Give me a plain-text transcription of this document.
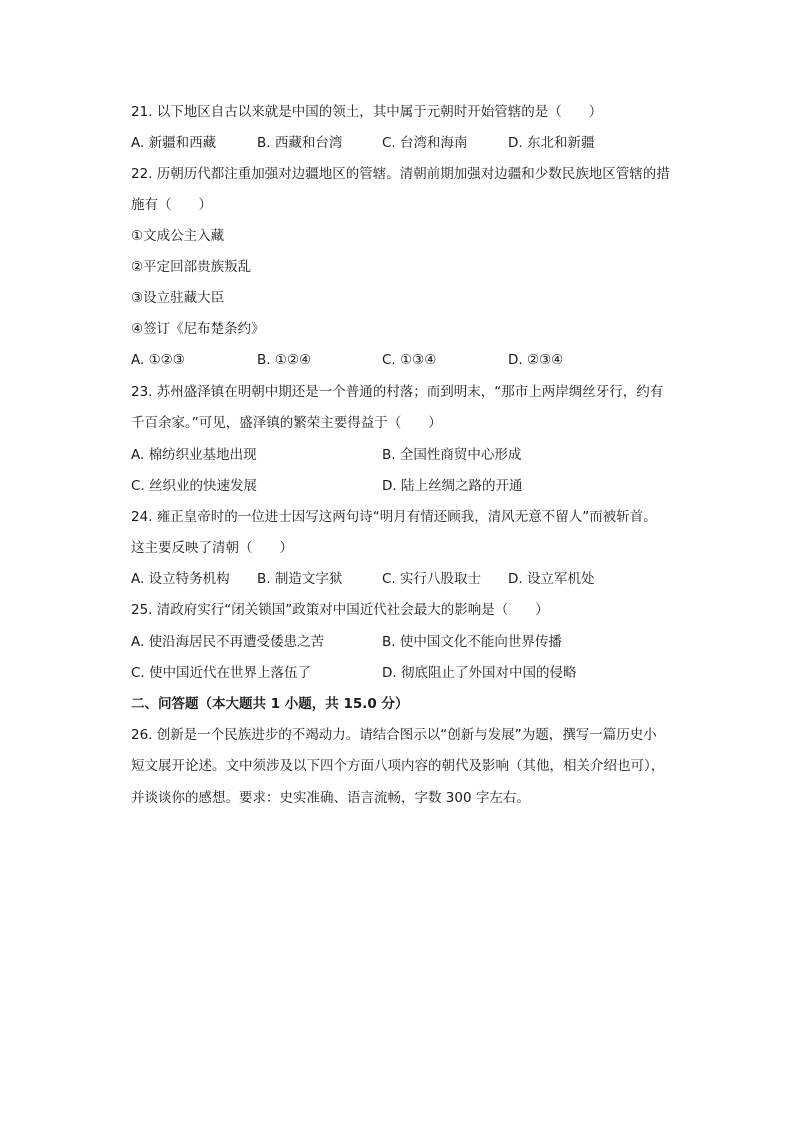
21. 以下地区自古以来就是中国的领土，其中属于元朝时开始管辖的是（　　）
A. 新疆和西藏	B. 西藏和台湾	C. 台湾和海南	D. 东北和新疆
22. 历朝历代都注重加强对边疆地区的管辖。清朝前期加强对边疆和少数民族地区管辖的措
施有（　　）
①文成公主入藏
②平定回部贵族叛乱
③设立驻藏大臣
④签订《尼布楚条约》
A. ①②③	B. ①②④	C. ①③④	D. ②③④
23. 苏州盛泽镇在明朝中期还是一个普通的村落；而到明末，“那市上两岸绸丝牙行，约有
千百余家。”可见，盛泽镇的繁荣主要得益于（　　）
A. 棉纺织业基地出现	B. 全国性商贸中心形成
C. 丝织业的快速发展	D. 陆上丝绸之路的开通
24. 雍正皇帝时的一位进士因写这两句诗“明月有情还顾我，清风无意不留人”而被斩首。
这主要反映了清朝（　　）
A. 设立特务机构 B. 制造文字狱	C. 实行八股取士 D. 设立军机处
25. 清政府实行“闭关锁国”政策对中国近代社会最大的影响是（　　）
A. 使沿海居民不再遭受倭患之苦	B. 使中国文化不能向世界传播
C. 使中国近代在世界上落伍了	D. 彻底阻止了外国对中国的侵略
二、问答题（本大题共 1 小题，共 15.0 分）
26. 创新是一个民族进步的不竭动力。请结合图示以“创新与发展”为题，撰写一篇历史小
短文展开论述。文中须涉及以下四个方面八项内容的朝代及影响（其他，相关介绍也可），
并谈谈你的感想。要求：史实准确、语言流畅，字数 300 字左右。
